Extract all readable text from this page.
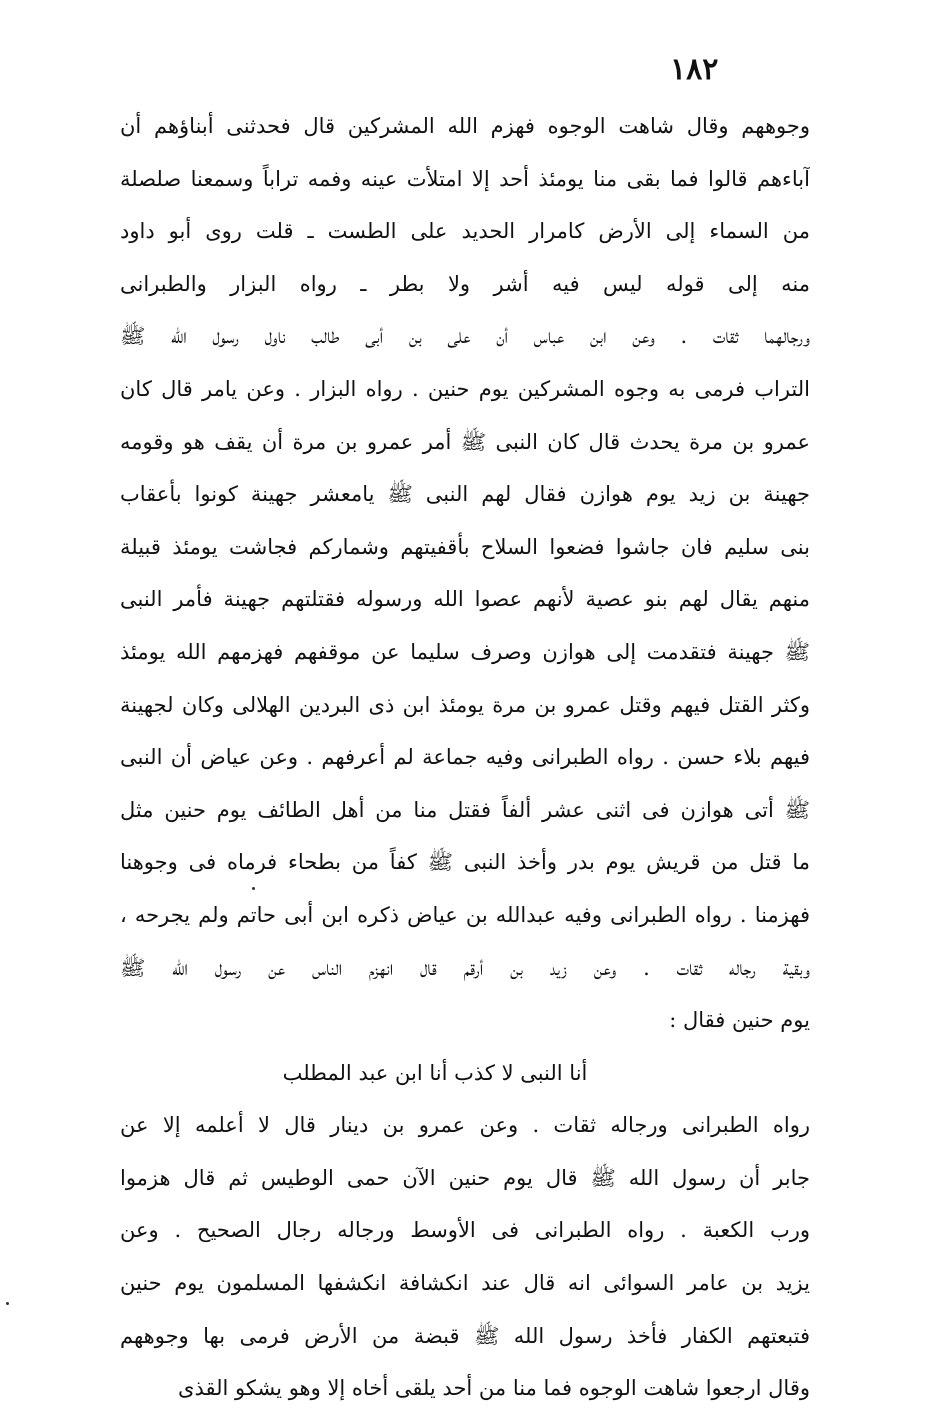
١٨٢
وجوههم وقال شاهت الوجوه فهزم الله المشركين قال فحدثنى أبناؤهم أن
آباءهم قالوا فما بقى منا يومئذ أحد إلا امتلأت عينه وفمه تراباً وسمعنا صلصلة
من السماء إلى الأرض كامرار الحديد على الطست ـ قلت روى أبو داود
منه إلى قوله ليس فيه أشر ولا بطر ـ رواه البزار والطبرانى
ورجالهما ثقات . وعن ابن عباس أن على بن أبى طالب ناول رسول الله ﷺ
التراب فرمى به وجوه المشركين يوم حنين . رواه البزار . وعن يامر قال كان
عمرو بن مرة يحدث قال كان النبى ﷺ أمر عمرو بن مرة أن يقف هو وقومه
جهينة بن زيد يوم هوازن فقال لهم النبى ﷺ يامعشر جهينة كونوا بأعقاب
بنى سليم فان جاشوا فضعوا السلاح بأقفيتهم وشماركم فجاشت يومئذ قبيلة
منهم يقال لهم بنو عصية لأنهم عصوا الله ورسوله فقتلتهم جهينة فأمر النبى
ﷺ جهينة فتقدمت إلى هوازن وصرف سليما عن موقفهم فهزمهم الله يومئذ
وكثر القتل فيهم وقتل عمرو بن مرة يومئذ ابن ذى البردين الهلالى وكان لجهينة
فيهم بلاء حسن . رواه الطبرانى وفيه جماعة لم أعرفهم . وعن عياض أن النبى
ﷺ أتى هوازن فى اثنى عشر ألفاً فقتل منا من أهل الطائف يوم حنين مثل
ما قتل من قريش يوم بدر وأخذ النبى ﷺ كفاً من بطحاء فرماه فى وجوهنا
فهزمنا . رواه الطبرانى وفيه عبدالله بن عياض ذكره ابن أبى حاتم ولم يجرحه ،
وبقية رجاله ثقات . وعن زيد بن أرقم قال انهزم الناس عن رسول الله ﷺ
يوم حنين فقال :
أنا النبى لا كذب أنا ابن عبد المطلب
رواه الطبرانى ورجاله ثقات . وعن عمرو بن دينار قال لا أعلمه إلا عن
جابر أن رسول الله ﷺ قال يوم حنين الآن حمى الوطيس ثم قال هزموا
ورب الكعبة . رواه الطبرانى فى الأوسط ورجاله رجال الصحيح . وعن
يزيد بن عامر السوائى انه قال عند انكشافة انكشفها المسلمون يوم حنين
فتبعتهم الكفار فأخذ رسول الله ﷺ قبضة من الأرض فرمى بها وجوههم
وقال ارجعوا شاهت الوجوه فما منا من أحد يلقى أخاه إلا وهو يشكو القذى
